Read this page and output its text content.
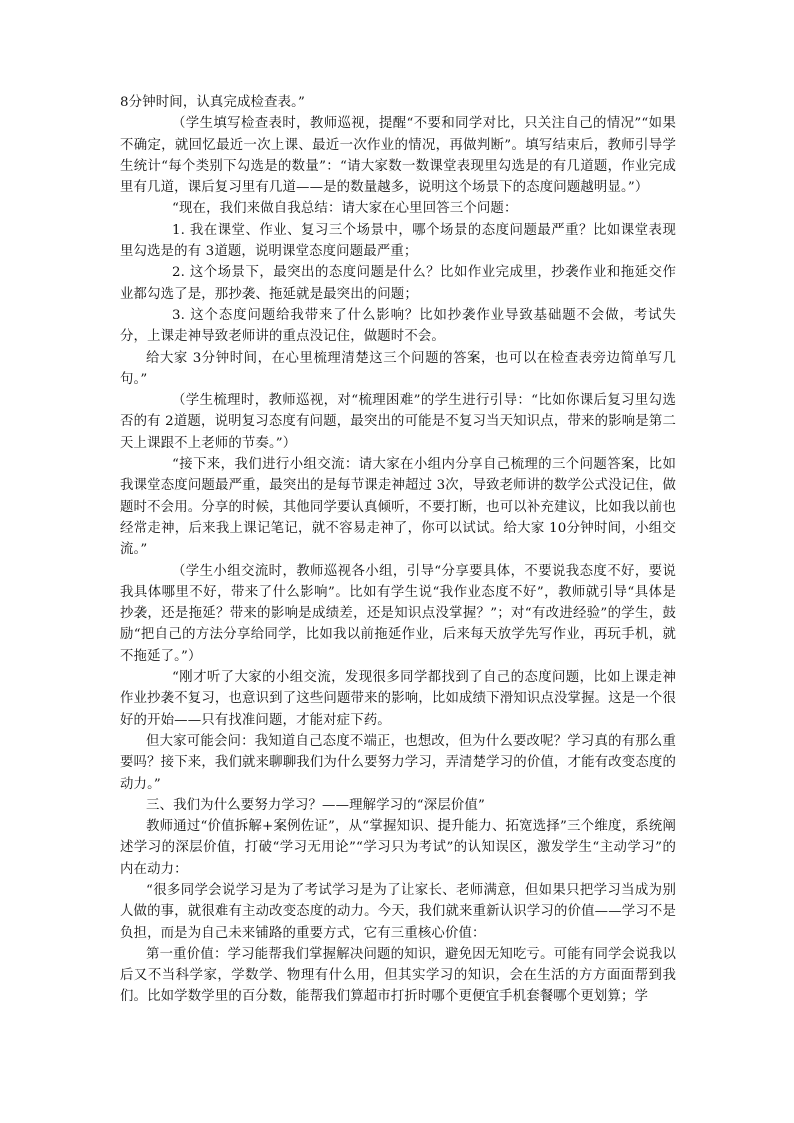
8分钟时间，认真完成检查表。”

（学生填写检查表时，教师巡视，提醒“不要和同学对比，只关注自己的情况”“如果不确定，就回忆最近一次上课、最近一次作业的情况，再做判断”。填写结束后，教师引导学生统计“每个类别下勾选是的数量”：“请大家数一数课堂表现里勾选是的有几道题，作业完成里有几道，课后复习里有几道——是的数量越多，说明这个场景下的态度问题越明显。”）

“现在，我们来做自我总结：请大家在心里回答三个问题：

1. 我在课堂、作业、复习三个场景中，哪个场景的态度问题最严重？比如课堂表现里勾选是的有 3道题，说明课堂态度问题最严重；

2. 这个场景下，最突出的态度问题是什么？比如作业完成里，抄袭作业和拖延交作业都勾选了是，那抄袭、拖延就是最突出的问题；

3. 这个态度问题给我带来了什么影响？比如抄袭作业导致基础题不会做，考试失分，上课走神导致老师讲的重点没记住，做题时不会。

给大家 3分钟时间，在心里梳理清楚这三个问题的答案，也可以在检查表旁边简单写几句。”

（学生梳理时，教师巡视，对“梳理困难”的学生进行引导：“比如你课后复习里勾选否的有 2道题，说明复习态度有问题，最突出的可能是不复习当天知识点，带来的影响是第二天上课跟不上老师的节奏。”）

“接下来，我们进行小组交流：请大家在小组内分享自己梳理的三个问题答案，比如我课堂态度问题最严重，最突出的是每节课走神超过 3次，导致老师讲的数学公式没记住，做题时不会用。分享的时候，其他同学要认真倾听，不要打断，也可以补充建议，比如我以前也经常走神，后来我上课记笔记，就不容易走神了，你可以试试。给大家 10分钟时间，小组交流。”

（学生小组交流时，教师巡视各小组，引导“分享要具体，不要说我态度不好，要说我具体哪里不好，带来了什么影响”。比如有学生说“我作业态度不好”，教师就引导“具体是抄袭，还是拖延？带来的影响是成绩差，还是知识点没掌握？”；对“有改进经验”的学生，鼓励“把自己的方法分享给同学，比如我以前拖延作业，后来每天放学先写作业，再玩手机，就不拖延了。”）

“刚才听了大家的小组交流，发现很多同学都找到了自己的态度问题，比如上课走神作业抄袭不复习，也意识到了这些问题带来的影响，比如成绩下滑知识点没掌握。这是一个很好的开始——只有找准问题，才能对症下药。

但大家可能会问：我知道自己态度不端正，也想改，但为什么要改呢？学习真的有那么重要吗？接下来，我们就来聊聊我们为什么要努力学习，弄清楚学习的价值，才能有改变态度的动力。”

三、我们为什么要努力学习？——理解学习的“深层价值”

教师通过“价值拆解+案例佐证”，从“掌握知识、提升能力、拓宽选择”三个维度，系统阐述学习的深层价值，打破“学习无用论”“学习只为考试”的认知误区，激发学生“主动学习”的内在动力：

“很多同学会说学习是为了考试学习是为了让家长、老师满意，但如果只把学习当成为别人做的事，就很难有主动改变态度的动力。今天，我们就来重新认识学习的价值——学习不是负担，而是为自己未来铺路的重要方式，它有三重核心价值：

第一重价值：学习能帮我们掌握解决问题的知识，避免因无知吃亏。可能有同学会说我以后又不当科学家，学数学、物理有什么用，但其实学习的知识，会在生活的方方面面帮到我们。比如学数学里的百分数，能帮我们算超市打折时哪个更便宜手机套餐哪个更划算；学
